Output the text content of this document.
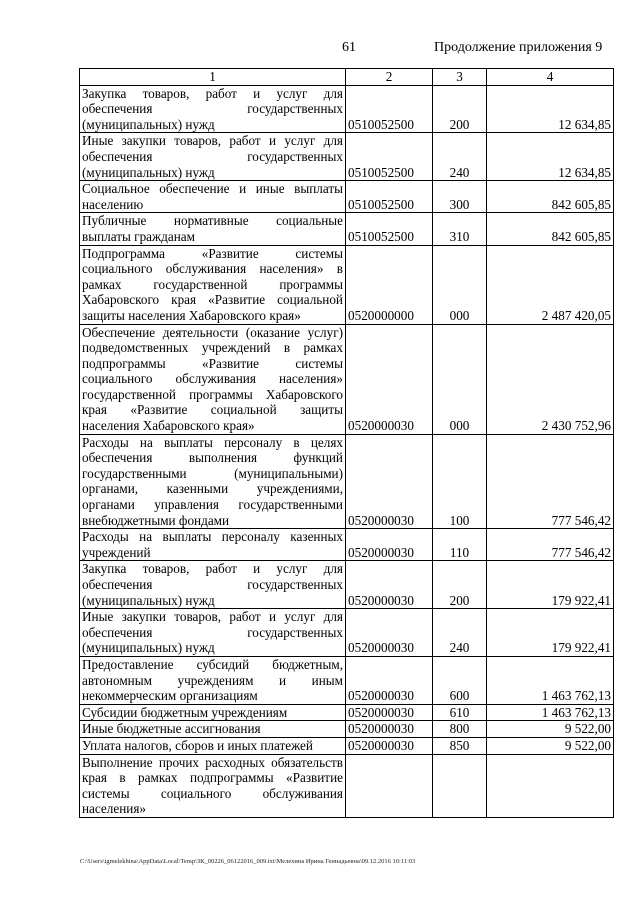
61	Продолжение приложения 9
1	2	3	4
Закупка товаров, работ и услуг для обеспечения государственных (муниципальных) нужд	0510052500	200	12 634,85
Иные закупки товаров, работ и услуг для обеспечения государственных (муниципальных) нужд	0510052500	240	12 634,85
Социальное обеспечение и иные выплаты населению	0510052500	300	842 605,85
Публичные нормативные социальные выплаты гражданам	0510052500	310	842 605,85
Подпрограмма «Развитие системы социального обслуживания населения» в рамках государственной программы Хабаровского края «Развитие социальной защиты населения Хабаровского края»	0520000000	000	2 487 420,05
Обеспечение деятельности (оказание услуг) подведомственных учреждений в рамках подпрограммы «Развитие системы социального обслуживания населения» государственной программы Хабаровского края «Развитие социальной защиты населения Хабаровского края»	0520000030	000	2 430 752,96
Расходы на выплаты персоналу в целях обеспечения выполнения функций государственными (муниципальными) органами, казенными учреждениями, органами управления государственными внебюджетными фондами	0520000030	100	777 546,42
Расходы на выплаты персоналу казенных учреждений	0520000030	110	777 546,42
Закупка товаров, работ и услуг для обеспечения государственных (муниципальных) нужд	0520000030	200	179 922,41
Иные закупки товаров, работ и услуг для обеспечения государственных (муниципальных) нужд	0520000030	240	179 922,41
Предоставление субсидий бюджетным, автономным учреждениям и иным некоммерческим организациям	0520000030	600	1 463 762,13
Субсидии бюджетным учреждениям	0520000030	610	1 463 762,13
Иные бюджетные ассигнования	0520000030	800	9 522,00
Уплата налогов, сборов и иных платежей	0520000030	850	9 522,00
Выполнение прочих расходных обязательств края в рамках подпрограммы «Развитие системы социального обслуживания населения»			
C:\Users\igmelekhina\AppData\Local\Temp\ЗК_00226_06122016_009.txt\Мелехина Ирина Геннадьевна\09.12.2016 10:11:03
